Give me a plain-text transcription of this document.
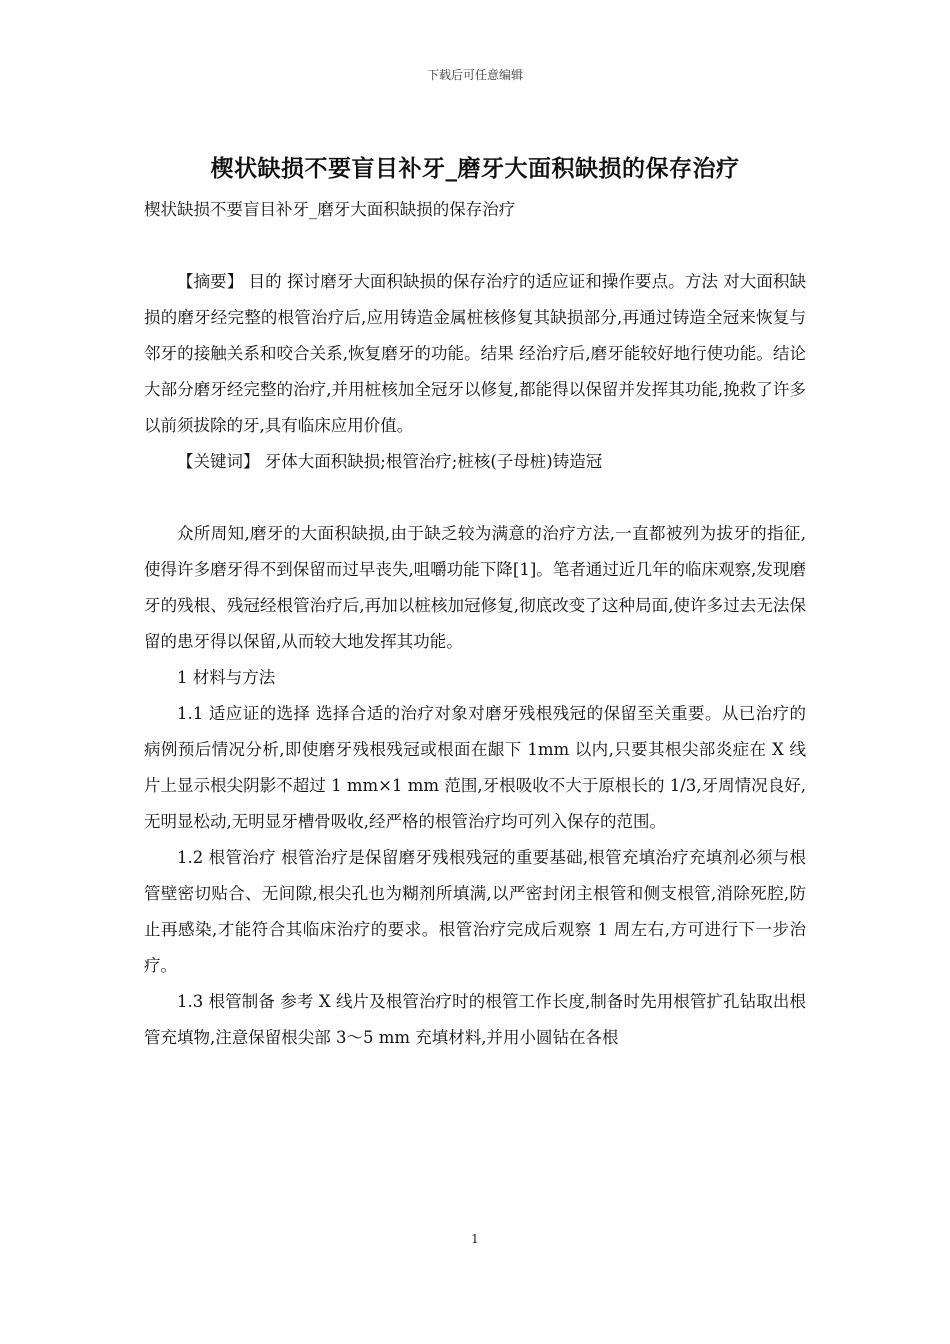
下载后可任意编辑
楔状缺损不要盲目补牙_磨牙大面积缺损的保存治疗

楔状缺损不要盲目补牙_磨牙大面积缺损的保存治疗

【摘要】 目的 探讨磨牙大面积缺损的保存治疗的适应证和操作要点。方法 对大面积缺损的磨牙经完整的根管治疗后,应用铸造金属桩核修复其缺损部分,再通过铸造全冠来恢复与邻牙的接触关系和咬合关系,恢复磨牙的功能。结果 经治疗后,磨牙能较好地行使功能。结论 大部分磨牙经完整的治疗,并用桩核加全冠牙以修复,都能得以保留并发挥其功能,挽救了许多以前须拔除的牙,具有临床应用价值。

【关键词】 牙体大面积缺损;根管治疗;桩核(子母桩)铸造冠

众所周知,磨牙的大面积缺损,由于缺乏较为满意的治疗方法,一直都被列为拔牙的指征,使得许多磨牙得不到保留而过早丧失,咀嚼功能下降[1]。笔者通过近几年的临床观察,发现磨牙的残根、残冠经根管治疗后,再加以桩核加冠修复,彻底改变了这种局面,使许多过去无法保留的患牙得以保留,从而较大地发挥其功能。

1 材料与方法

1.1 适应证的选择 选择合适的治疗对象对磨牙残根残冠的保留至关重要。从已治疗的病例预后情况分析,即使磨牙残根残冠或根面在龈下 1mm 以内,只要其根尖部炎症在 X 线片上显示根尖阴影不超过 1 mm×1 mm 范围,牙根吸收不大于原根长的 1/3,牙周情况良好,无明显松动,无明显牙槽骨吸收,经严格的根管治疗均可列入保存的范围。

1.2 根管治疗 根管治疗是保留磨牙残根残冠的重要基础,根管充填治疗充填剂必须与根管壁密切贴合、无间隙,根尖孔也为糊剂所填满,以严密封闭主根管和侧支根管,消除死腔,防止再感染,才能符合其临床治疗的要求。根管治疗完成后观察 1 周左右,方可进行下一步治疗。

1.3 根管制备 参考 X 线片及根管治疗时的根管工作长度,制备时先用根管扩孔钻取出根管充填物,注意保留根尖部 3～5 mm 充填材料,并用小圆钻在各根

1
